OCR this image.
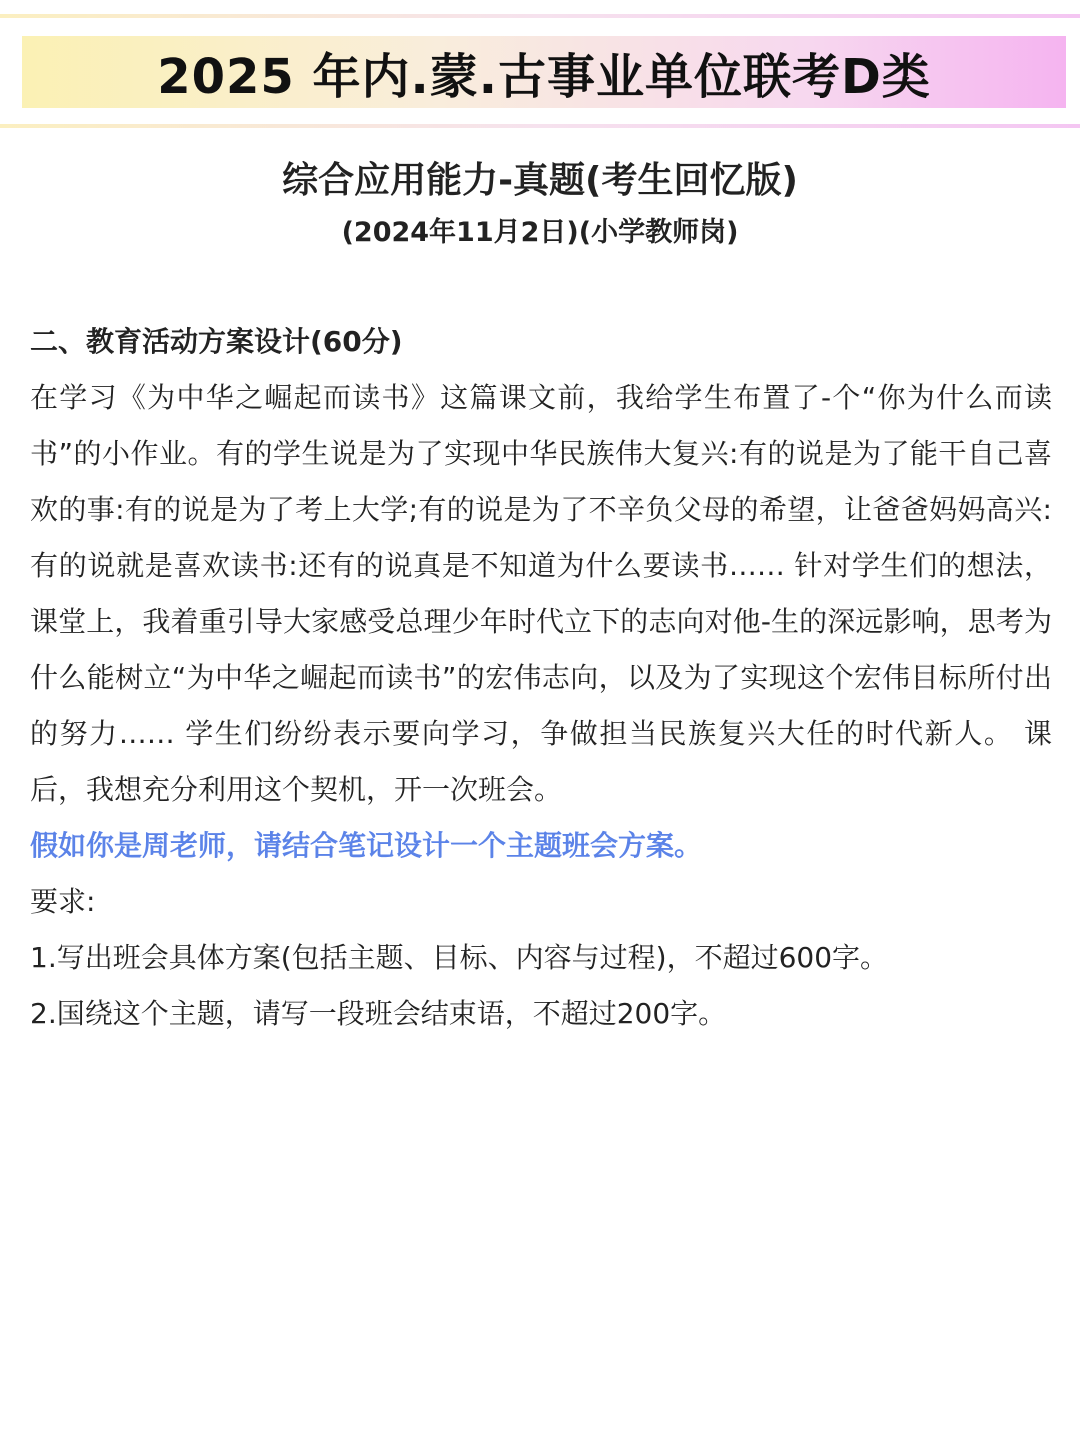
2025 年内.蒙.古事业单位联考D类
综合应用能力-真题(考生回忆版)
(2024年11月2日)(小学教师岗)
二、教育活动方案设计(60分)
在学习《为中华之崛起而读书》这篇课文前，我给学生布置了-个“你为什么而读书”的小作业。有的学生说是为了实现中华民族伟大复兴:有的说是为了能干自己喜欢的事:有的说是为了考上大学;有的说是为了不辛负父母的希望，让爸爸妈妈高兴:有的说就是喜欢读书:还有的说真是不知道为什么要读书…… 针对学生们的想法，课堂上，我着重引导大家感受总理少年时代立下的志向对他-生的深远影响，思考为什么能树立“为中华之崛起而读书”的宏伟志向，以及为了实现这个宏伟目标所付出的努力…… 学生们纷纷表示要向学习，争做担当民族复兴大任的时代新人。 课后，我想充分利用这个契机，开一次班会。
假如你是周老师，请结合笔记设计一个主题班会方案。
要求:
1.写出班会具体方案(包括主题、目标、内容与过程)，不超过600字。
2.国绕这个主题，请写一段班会结束语，不超过200字。
